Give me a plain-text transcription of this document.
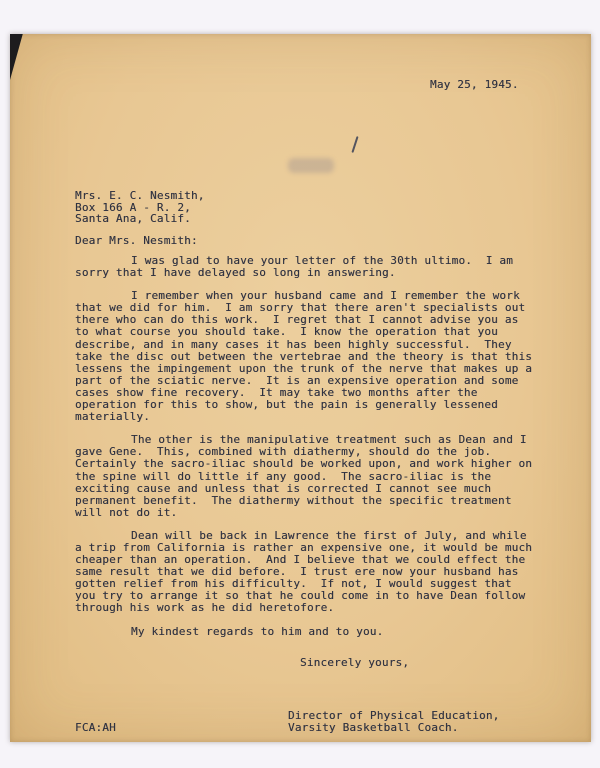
May 25, 1945.
Mrs. E. C. Nesmith,
Box 166 A - R. 2,
Santa Ana, Calif.
Dear Mrs. Nesmith:

I was glad to have your letter of the 30th ultimo.  I am sorry that I have delayed so long in answering.

I remember when your husband came and I remember the work that we did for him.  I am sorry that there aren't specialists out there who can do this work.  I regret that I cannot advise you as to what course you should take.  I know the operation that you describe, and in many cases it has been highly successful.  They take the disc out between the vertebrae and the theory is that this lessens the impingement upon the trunk of the nerve that makes up a part of the sciatic nerve.  It is an expensive operation and some cases show fine recovery.  It may take two months after the operation for this to show, but the pain is generally lessened materially.

The other is the manipulative treatment such as Dean and I gave Gene.  This, combined with diathermy, should do the job.  Certainly the sacro-iliac should be worked upon, and work higher on the spine will do little if any good.  The sacro-iliac is the exciting cause and unless that is corrected I cannot see much permanent benefit.  The diathermy without the specific treatment will not do it.

Dean will be back in Lawrence the first of July, and while a trip from California is rather an expensive one, it would be much cheaper than an operation.  And I believe that we could effect the same result that we did before.  I trust ere now your husband has gotten relief from his difficulty.  If not, I would suggest that you try to arrange it so that he could come in to have Dean follow through his work as he did heretofore.

My kindest regards to him and to you.

Sincerely yours,
Director of Physical Education,
Varsity Basketball Coach.
FCA:AH
